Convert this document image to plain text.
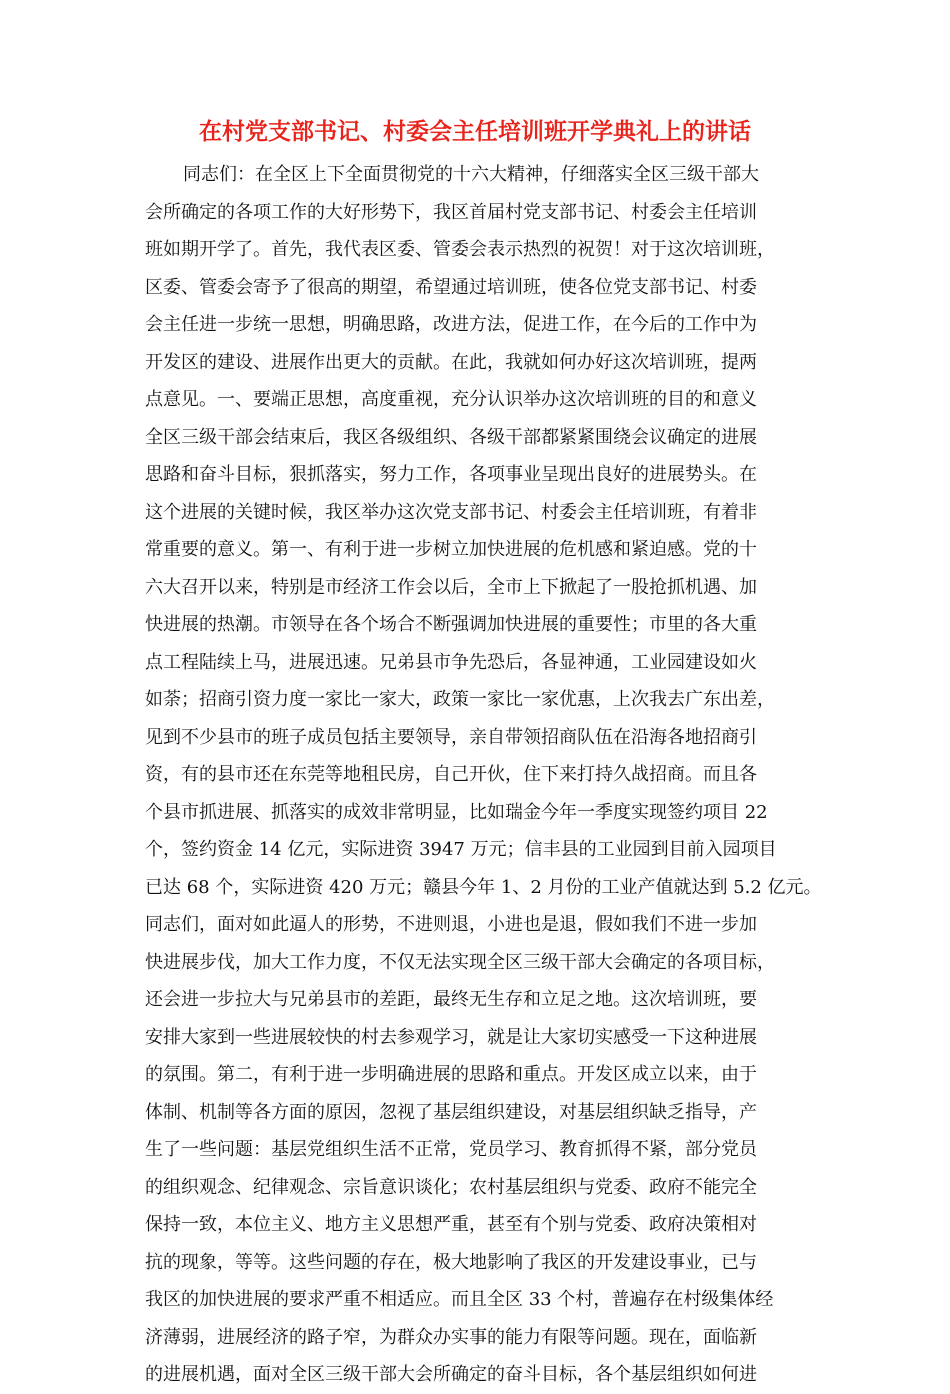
在村党支部书记、村委会主任培训班开学典礼上的讲话
同志们：在全区上下全面贯彻党的十六大精神，仔细落实全区三级干部大
会所确定的各项工作的大好形势下，我区首届村党支部书记、村委会主任培训
班如期开学了。首先，我代表区委、管委会表示热烈的祝贺！对于这次培训班，
区委、管委会寄予了很高的期望，希望通过培训班，使各位党支部书记、村委
会主任进一步统一思想，明确思路，改进方法，促进工作，在今后的工作中为
开发区的建设、进展作出更大的贡献。在此，我就如何办好这次培训班，提两
点意见。一、要端正思想，高度重视，充分认识举办这次培训班的目的和意义
全区三级干部会结束后，我区各级组织、各级干部都紧紧围绕会议确定的进展
思路和奋斗目标，狠抓落实，努力工作，各项事业呈现出良好的进展势头。在
这个进展的关键时候，我区举办这次党支部书记、村委会主任培训班，有着非
常重要的意义。第一、有利于进一步树立加快进展的危机感和紧迫感。党的十
六大召开以来，特别是市经济工作会以后，全市上下掀起了一股抢抓机遇、加
快进展的热潮。市领导在各个场合不断强调加快进展的重要性；市里的各大重
点工程陆续上马，进展迅速。兄弟县市争先恐后，各显神通，工业园建设如火
如荼；招商引资力度一家比一家大，政策一家比一家优惠，上次我去广东出差，
见到不少县市的班子成员包括主要领导，亲自带领招商队伍在沿海各地招商引
资，有的县市还在东莞等地租民房，自己开伙，住下来打持久战招商。而且各
个县市抓进展、抓落实的成效非常明显，比如瑞金今年一季度实现签约项目 22
个，签约资金 14 亿元，实际进资 3947 万元；信丰县的工业园到目前入园项目
已达 68 个，实际进资 420 万元；赣县今年 1、2 月份的工业产值就达到 5.2 亿元。
同志们，面对如此逼人的形势，不进则退，小进也是退，假如我们不进一步加
快进展步伐，加大工作力度，不仅无法实现全区三级干部大会确定的各项目标，
还会进一步拉大与兄弟县市的差距，最终无生存和立足之地。这次培训班，要
安排大家到一些进展较快的村去参观学习，就是让大家切实感受一下这种进展
的氛围。第二，有利于进一步明确进展的思路和重点。开发区成立以来，由于
体制、机制等各方面的原因，忽视了基层组织建设，对基层组织缺乏指导，产
生了一些问题：基层党组织生活不正常，党员学习、教育抓得不紧，部分党员
的组织观念、纪律观念、宗旨意识谈化；农村基层组织与党委、政府不能完全
保持一致，本位主义、地方主义思想严重，甚至有个别与党委、政府决策相对
抗的现象，等等。这些问题的存在，极大地影响了我区的开发建设事业，已与
我区的加快进展的要求严重不相适应。而且全区 33 个村，普遍存在村级集体经
济薄弱，进展经济的路子窄，为群众办实事的能力有限等问题。现在，面临新
的进展机遇，面对全区三级干部大会所确定的奋斗目标，各个基层组织如何进
